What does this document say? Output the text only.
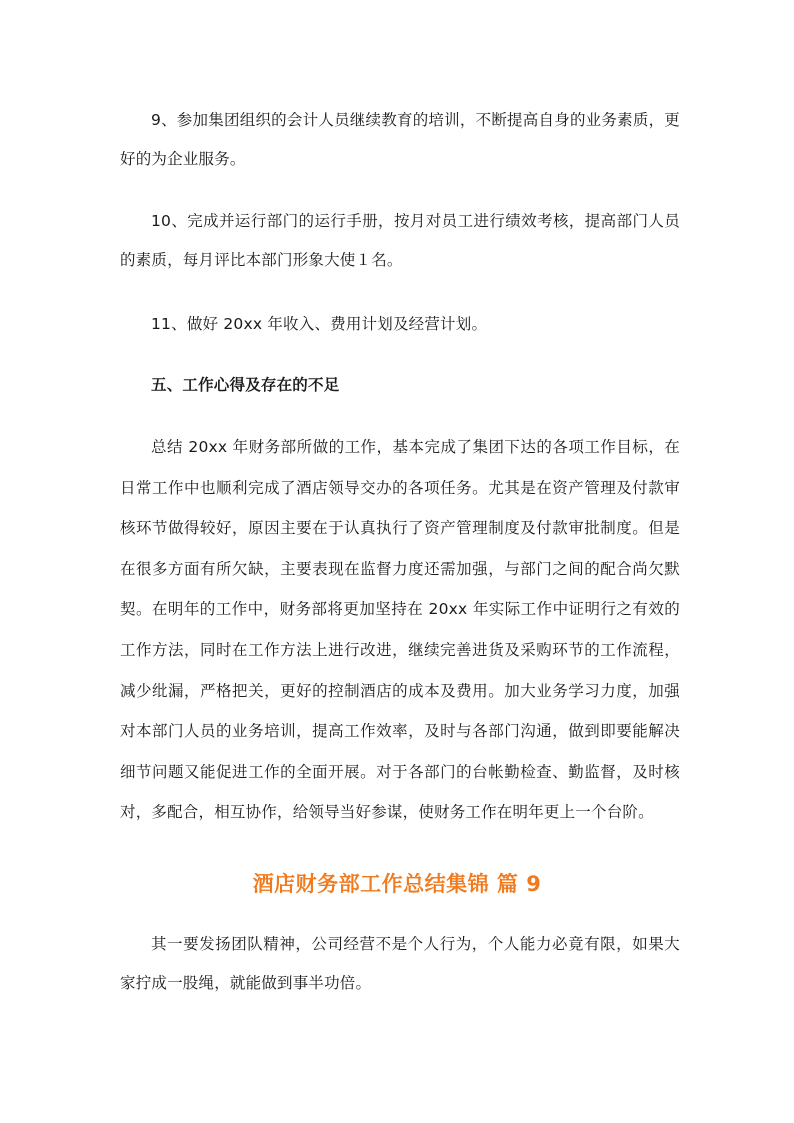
9、参加集团组织的会计人员继续教育的培训，不断提高自身的业务素质，更好的为企业服务。

10、完成并运行部门的运行手册，按月对员工进行绩效考核，提高部门人员的素质，每月评比本部门形象大使１名。

11、做好 20xx 年收入、费用计划及经营计划。

五、工作心得及存在的不足

总结 20xx 年财务部所做的工作，基本完成了集团下达的各项工作目标，在日常工作中也顺利完成了酒店领导交办的各项任务。尤其是在资产管理及付款审核环节做得较好，原因主要在于认真执行了资产管理制度及付款审批制度。但是在很多方面有所欠缺，主要表现在监督力度还需加强，与部门之间的配合尚欠默契。在明年的工作中，财务部将更加坚持在 20xx 年实际工作中证明行之有效的工作方法，同时在工作方法上进行改进，继续完善进货及采购环节的工作流程，减少纰漏，严格把关，更好的控制酒店的成本及费用。加大业务学习力度，加强对本部门人员的业务培训，提高工作效率，及时与各部门沟通，做到即要能解决细节问题又能促进工作的全面开展。对于各部门的台帐勤检查、勤监督，及时核对，多配合，相互协作，给领导当好参谋，使财务工作在明年更上一个台阶。

酒店财务部工作总结集锦 篇 9

其一要发扬团队精神，公司经营不是个人行为，个人能力必竟有限，如果大家拧成一股绳，就能做到事半功倍。
